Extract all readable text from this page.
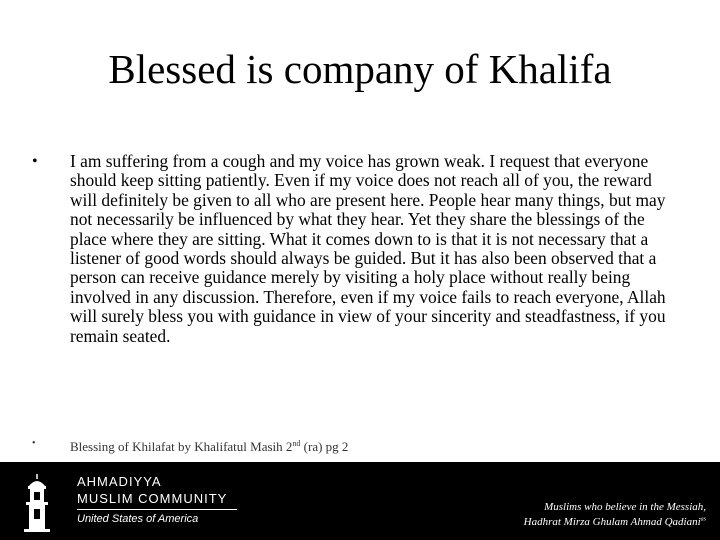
Blessed is company of Khalifa
• I am suffering from a cough and my voice has grown weak. I request that everyone should keep sitting patiently. Even if my voice does not reach all of you, the reward will definitely be given to all who are present here. People hear many things, but may not necessarily be influenced by what they hear. Yet they share the blessings of the place where they are sitting. What it comes down to is that it is not necessary that a listener of good words should always be guided. But it has also been observed that a person can receive guidance merely by visiting a holy place without really being involved in any discussion. Therefore, even if my voice fails to reach everyone, Allah will surely bless you with guidance in view of your sincerity and steadfastness, if you remain seated.
•	Blessing of Khilafat by Khalifatul Masih 2nd (ra) pg 2
AHMADIYYA
MUSLIM COMMUNITY
United States of America
Muslims who believe in the Messiah,
Hadhrat Mirza Ghulam Ahmad Qadiani$^{as}$
